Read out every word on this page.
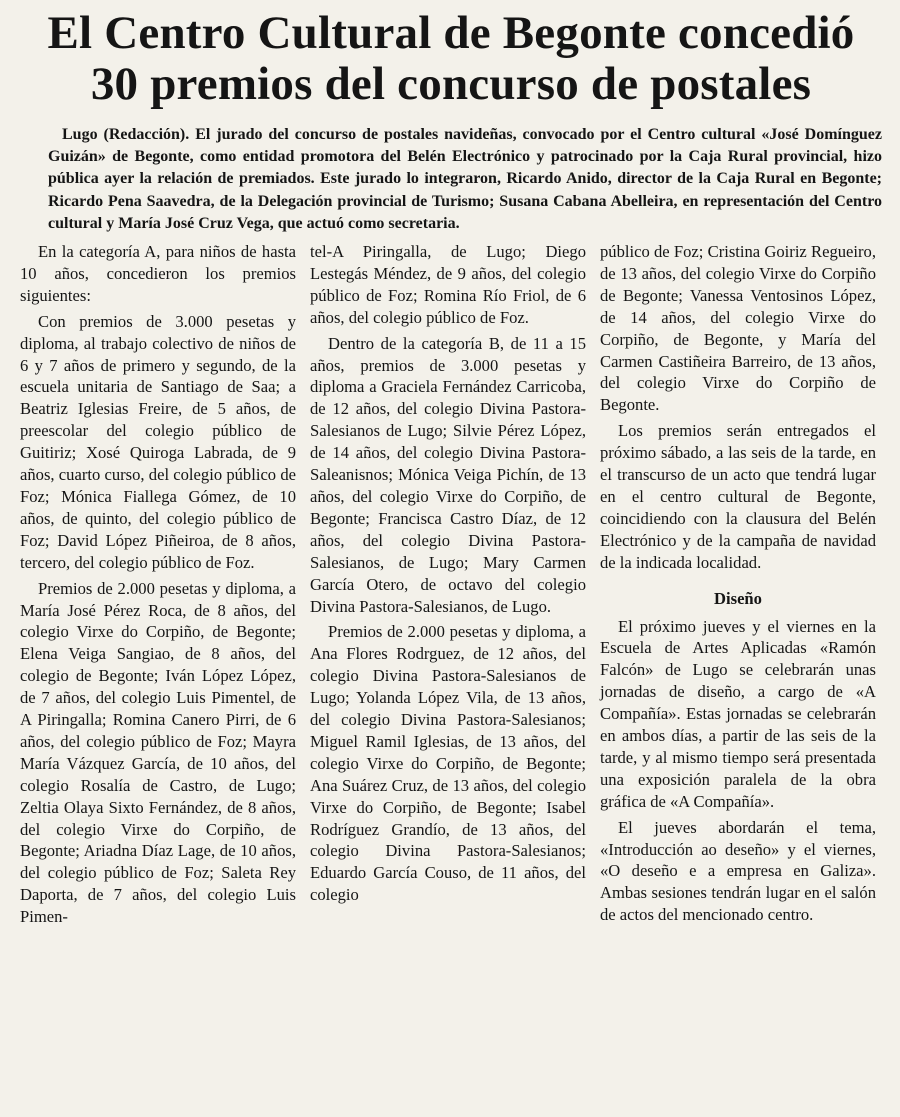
El Centro Cultural de Begonte concedió
30 premios del concurso de postales

Lugo (Redacción). El jurado del concurso de postales navideñas, convocado por el Centro cultural «José Domínguez Guizán» de Begonte, como entidad promotora del Belén Electrónico y patrocinado por la Caja Rural provincial, hizo pública ayer la relación de premiados. Este jurado lo integraron, Ricardo Anido, director de la Caja Rural en Begonte; Ricardo Pena Saavedra, de la Delegación provincial de Turismo; Susana Cabana Abelleira, en representación del Centro cultural y María José Cruz Vega, que actuó como secretaria.

En la categoría A, para niños de hasta 10 años, concedieron los premios siguientes:

Con premios de 3.000 pesetas y diploma, al trabajo colectivo de niños de 6 y 7 años de primero y segundo, de la escuela unitaria de Santiago de Saa; a Beatriz Iglesias Freire, de 5 años, de preescolar del colegio público de Guitiriz; Xosé Quiroga Labrada, de 9 años, cuarto curso, del colegio público de Foz; Mónica Fiallega Gómez, de 10 años, de quinto, del colegio público de Foz; David López Piñeiroa, de 8 años, tercero, del colegio público de Foz.

Premios de 2.000 pesetas y diploma, a María José Pérez Roca, de 8 años, del colegio Virxe do Corpiño, de Begonte; Elena Veiga Sangiao, de 8 años, del colegio de Begonte; Iván López López, de 7 años, del colegio Luis Pimentel, de A Piringalla; Romina Canero Pirri, de 6 años, del colegio público de Foz; Mayra María Vázquez García, de 10 años, del colegio Rosalía de Castro, de Lugo; Zeltia Olaya Sixto Fernández, de 8 años, del colegio Virxe do Corpiño, de Begonte; Ariadna Díaz Lage, de 10 años, del colegio público de Foz; Saleta Rey Daporta, de 7 años, del colegio Luis Pimen-

tel-A Piringalla, de Lugo; Diego Lestegás Méndez, de 9 años, del colegio público de Foz; Romina Río Friol, de 6 años, del colegio público de Foz.

Dentro de la categoría B, de 11 a 15 años, premios de 3.000 pesetas y diploma a Graciela Fernández Carricoba, de 12 años, del colegio Divina Pastora-Salesianos de Lugo; Silvie Pérez López, de 14 años, del colegio Divina Pastora-Saleanisnos; Mónica Veiga Pichín, de 13 años, del colegio Virxe do Corpiño, de Begonte; Francisca Castro Díaz, de 12 años, del colegio Divina Pastora-Salesianos, de Lugo; Mary Carmen García Otero, de octavo del colegio Divina Pastora-Salesianos, de Lugo.

Premios de 2.000 pesetas y diploma, a Ana Flores Rodrguez, de 12 años, del colegio Divina Pastora-Salesianos de Lugo; Yolanda López Vila, de 13 años, del colegio Divina Pastora-Salesianos; Miguel Ramil Iglesias, de 13 años, del colegio Virxe do Corpiño, de Begonte; Ana Suárez Cruz, de 13 años, del colegio Virxe do Corpiño, de Begonte; Isabel Rodríguez Grandío, de 13 años, del colegio Divina Pastora-Salesianos; Eduardo García Couso, de 11 años, del colegio

público de Foz; Cristina Goiriz Regueiro, de 13 años, del colegio Virxe do Corpiño de Begonte; Vanessa Ventosinos López, de 14 años, del colegio Virxe do Corpiño, de Begonte, y María del Carmen Castiñeira Barreiro, de 13 años, del colegio Virxe do Corpiño de Begonte.

Los premios serán entregados el próximo sábado, a las seis de la tarde, en el transcurso de un acto que tendrá lugar en el centro cultural de Begonte, coincidiendo con la clausura del Belén Electrónico y de la campaña de navidad de la indicada localidad.

Diseño

El próximo jueves y el viernes en la Escuela de Artes Aplicadas «Ramón Falcón» de Lugo se celebrarán unas jornadas de diseño, a cargo de «A Compañía». Estas jornadas se celebrarán en ambos días, a partir de las seis de la tarde, y al mismo tiempo será presentada una exposición paralela de la obra gráfica de «A Compañía».

El jueves abordarán el tema, «Introducción ao deseño» y el viernes, «O deseño e a empresa en Galiza». Ambas sesiones tendrán lugar en el salón de actos del mencionado centro.
